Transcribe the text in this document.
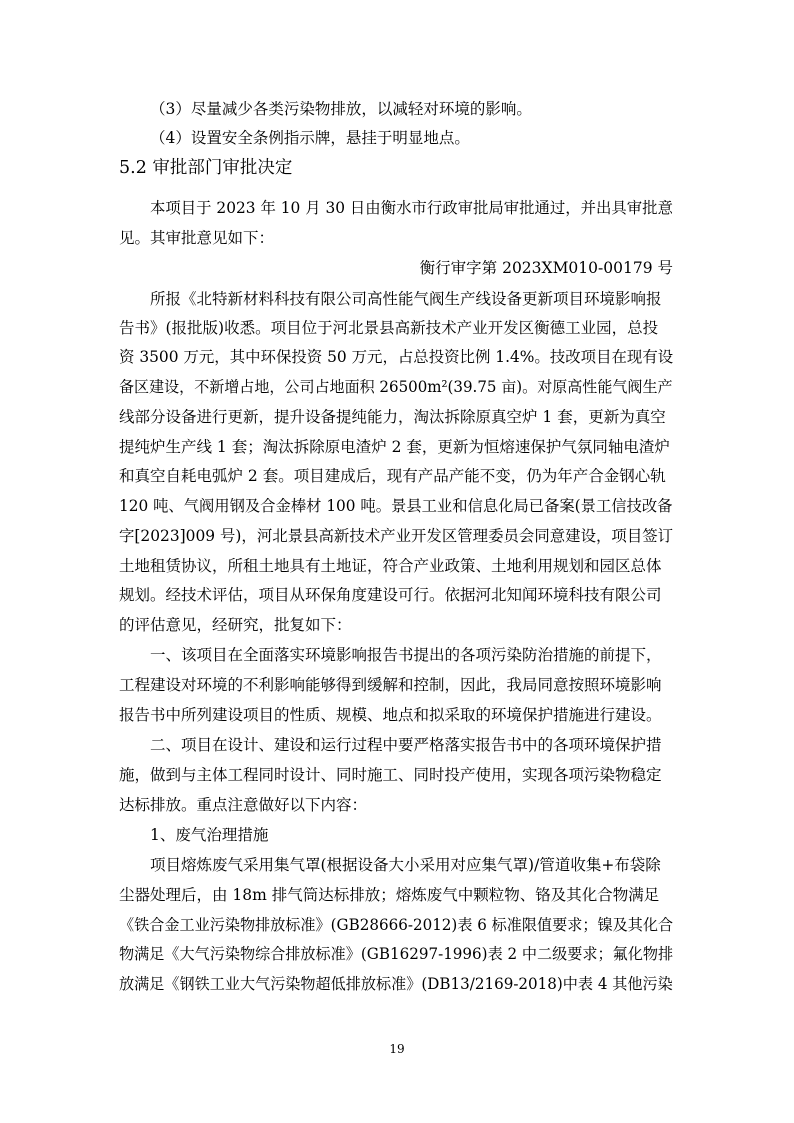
（3）尽量减少各类污染物排放，以减轻对环境的影响。
（4）设置安全条例指示牌，悬挂于明显地点。
5.2 审批部门审批决定
本项目于 2023 年 10 月 30 日由衡水市行政审批局审批通过，并出具审批意
见。其审批意见如下：
衡行审字第 2023XM010-00179 号
所报《北特新材料科技有限公司高性能气阀生产线设备更新项目环境影响报
告书》(报批版)收悉。项目位于河北景县高新技术产业开发区衡德工业园，总投
资 3500 万元，其中环保投资 50 万元，占总投资比例 1.4%。技改项目在现有设
备区建设，不新增占地，公司占地面积 26500m²(39.75 亩)。对原高性能气阀生产
线部分设备进行更新，提升设备提纯能力，淘汰拆除原真空炉 1 套，更新为真空
提纯炉生产线 1 套；淘汰拆除原电渣炉 2 套，更新为恒熔速保护气氛同轴电渣炉
和真空自耗电弧炉 2 套。项目建成后，现有产品产能不变，仍为年产合金钢心轨
120 吨、气阀用钢及合金棒材 100 吨。景县工业和信息化局已备案(景工信技改备
字[2023]009 号)，河北景县高新技术产业开发区管理委员会同意建设，项目签订
土地租赁协议，所租土地具有土地证，符合产业政策、土地利用规划和园区总体
规划。经技术评估，项目从环保角度建设可行。依据河北知闻环境科技有限公司
的评估意见，经研究，批复如下：
一、该项目在全面落实环境影响报告书提出的各项污染防治措施的前提下，
工程建设对环境的不利影响能够得到缓解和控制，因此，我局同意按照环境影响
报告书中所列建设项目的性质、规模、地点和拟采取的环境保护措施进行建设。
二、项目在设计、建设和运行过程中要严格落实报告书中的各项环境保护措
施，做到与主体工程同时设计、同时施工、同时投产使用，实现各项污染物稳定
达标排放。重点注意做好以下内容：
1、废气治理措施
项目熔炼废气采用集气罩(根据设备大小采用对应集气罩)/管道收集+布袋除
尘器处理后，由 18m 排气筒达标排放；熔炼废气中颗粒物、铬及其化合物满足
《铁合金工业污染物排放标准》(GB28666-2012)表 6 标准限值要求；镍及其化合
物满足《大气污染物综合排放标准》(GB16297-1996)表 2 中二级要求；氟化物排
放满足《钢铁工业大气污染物超低排放标准》(DB13/2169-2018)中表 4 其他污染
19
